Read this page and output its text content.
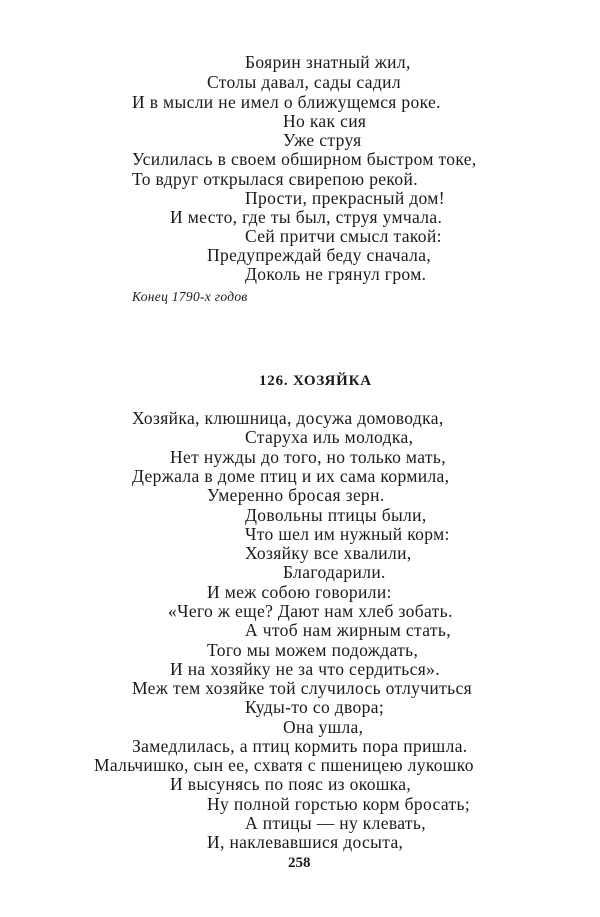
Боярин знатный жил,
Столы давал, сады садил
И в мысли не имел о ближущемся роке.
Но как сия
Уже струя
Усилилась в своем обширном быстром токе,
То вдруг открылася свирепою рекой.
Прости, прекрасный дом!
И место, где ты был, струя умчала.
Сей притчи смысл такой:
Предупреждай беду сначала,
Доколь не грянул гром.
Конец 1790-х годов
126. ХОЗЯЙКА
Хозяйка, клюшница, досужа домоводка,
Старуха иль молодка,
Нет нужды до того, но только мать,
Держала в доме птиц и их сама кормила,
Умеренно бросая зерн.
Довольны птицы были,
Что шел им нужный корм:
Хозяйку все хвалили,
Благодарили.
И меж собою говорили:
«Чего ж еще? Дают нам хлеб зобать.
А чтоб нам жирным стать,
Того мы можем подождать,
И на хозяйку не за что сердиться».
Меж тем хозяйке той случилось отлучиться
Куды-то со двора;
Она ушла,
Замедлилась, а птиц кормить пора пришла.
Мальчишко, сын ее, схватя с пшеницею лукошко
И высунясь по пояс из окошка,
Ну полной горстью корм бросать;
А птицы — ну клевать,
И, наклевавшися досыта,
258
